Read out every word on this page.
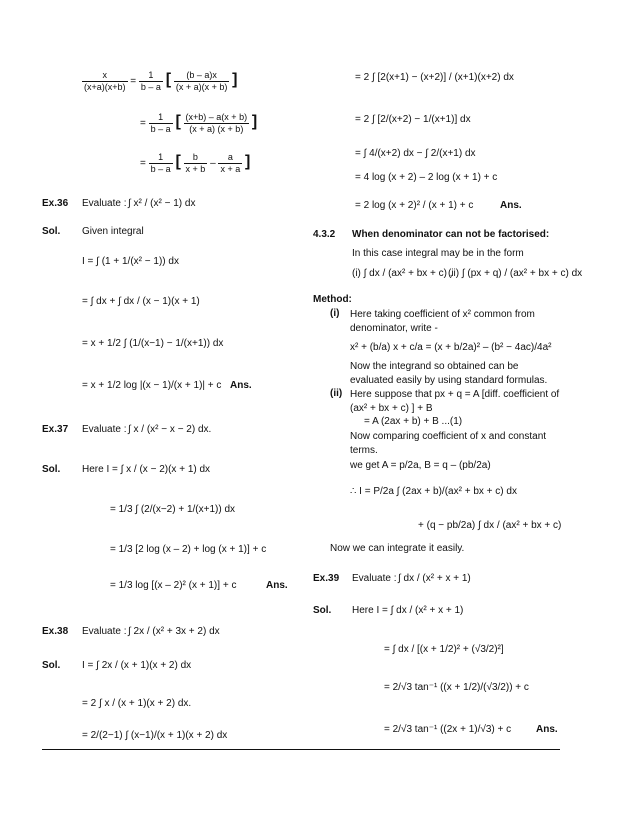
$\frac{x}{(x+a)(x+b)} = \frac{1}{b - a}$ [ $\frac{(b - a)x}{(x + a)(x + b)}$ ]
= $\frac{1}{b - a}$ [ $\frac{(x+b) - a(x + b)}{(x + a) (x + b)}$ ]
= $\frac{1}{b - a}$ [ $\frac{b}{x + b} - \frac{a}{x + a}$ ]
Ex.36 Evaluate : ∫ x² / (x² − 1) dx
Sol. Given integral
I = ∫ (1 + 1/(x² − 1)) dx
= ∫ dx + ∫ dx / (x − 1)(x + 1)
= x + 1/2 ∫ (1/(x−1) − 1/(x+1)) dx
= x + 1/2 log |(x − 1)/(x + 1)| + c Ans.
Ex.37 Evaluate : ∫ x / (x² − x − 2) dx.
Sol. Here I = ∫ x / (x − 2)(x + 1) dx
= 1/3 ∫ (2/(x−2) + 1/(x+1)) dx
= 1/3 [2 log (x – 2) + log (x + 1)] + c
= 1/3 log [(x – 2)² (x + 1)] + c	Ans.
Ex.38 Evaluate : ∫ 2x / (x² + 3x + 2) dx
Sol. I = ∫ 2x / (x + 1)(x + 2) dx
= 2 ∫ x / (x + 1)(x + 2) dx.
= 2/(2−1) ∫ (x−1)/(x + 1)(x + 2) dx
= 2 ∫ [2(x+1) − (x+2)] / (x+1)(x+2) dx
= 2 ∫ [2/(x+2) − 1/(x+1)] dx
= ∫ 4/(x+2) dx − ∫ 2/(x+1) dx
= 4 log (x + 2) – 2 log (x + 1) + c
= 2 log (x + 2)² / (x + 1) + c	Ans.
4.3.2 When denominator can not be factorised:
In this case integral may be in the form
(i) ∫ dx / (ax² + bx + c) ,
(ii) ∫ (px + q) / (ax² + bx + c) dx
Method:
(i) Here taking coefficient of x² common from denominator, write -
x² + (b/a) x + c/a = (x + b/2a)² – (b² − 4ac)/4a²
Now the integrand so obtained can be evaluated easily by using standard formulas.
(ii) Here suppose that px + q = A [diff. coefficient of (ax² + bx + c) ] + B
= A (2ax + b) + B ...(1)
Now comparing coefficient of x and constant terms.
we get A = p/2a, B = q – (pb/2a)
∴ I = P/2a ∫ (2ax + b)/(ax² + bx + c) dx
+ (q − pb/2a) ∫ dx / (ax² + bx + c)
Now we can integrate it easily.
Ex.39 Evaluate : ∫ dx / (x² + x + 1)
Sol. Here I = ∫ dx / (x² + x + 1)
= ∫ dx / [(x + 1/2)² + (√3/2)²]
= 2/√3 tan⁻¹ ((x + 1/2)/(√3/2)) + c
= 2/√3 tan⁻¹ ((2x + 1)/√3) + c Ans.
